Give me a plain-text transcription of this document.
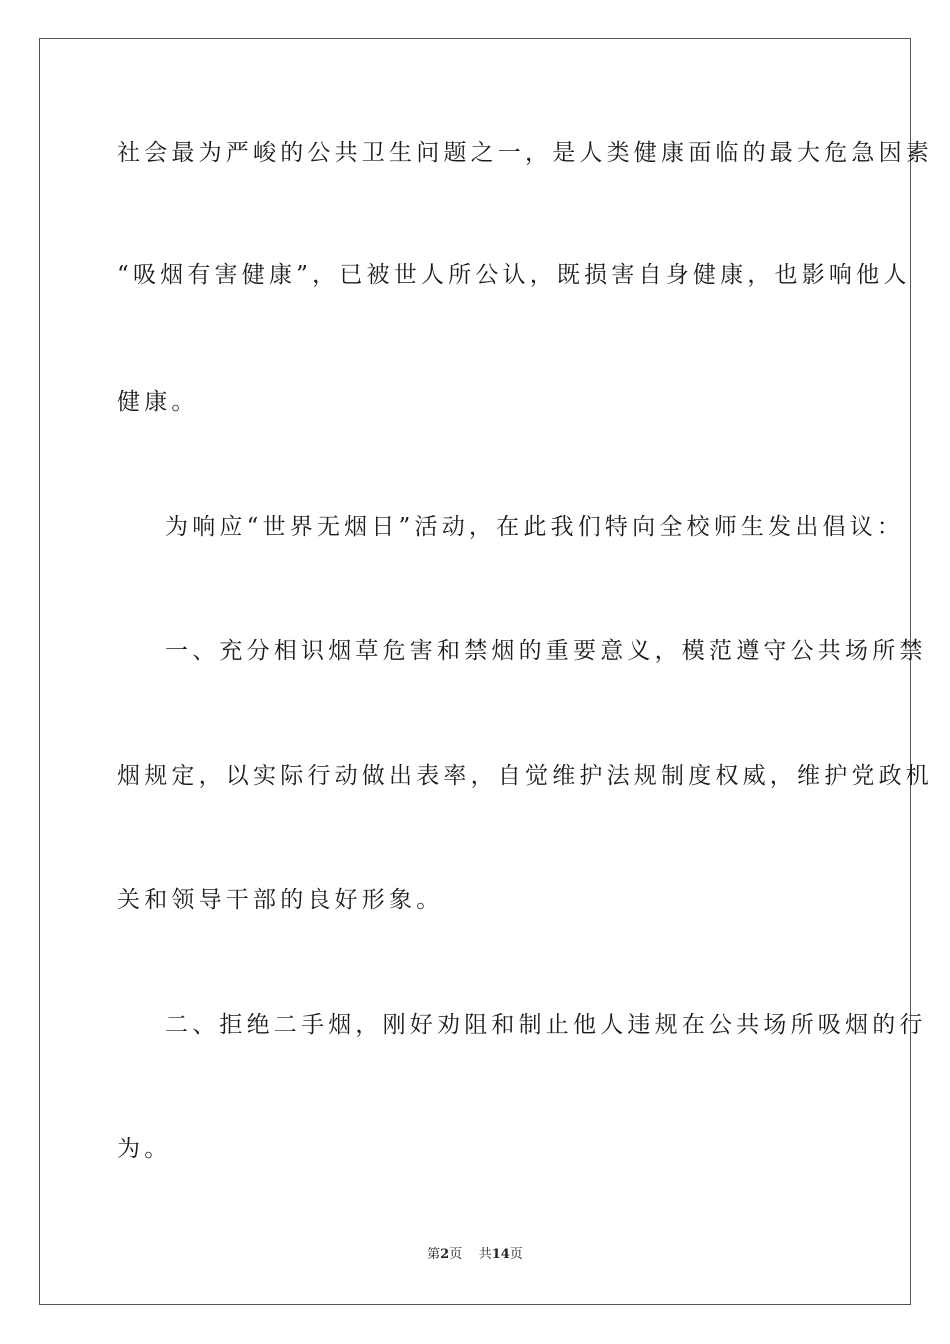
社会最为严峻的公共卫生问题之一，是人类健康面临的最大危急因素
“吸烟有害健康”，已被世人所公认，既损害自身健康，也影响他人
健康。
为响应“世界无烟日”活动，在此我们特向全校师生发出倡议：
一、充分相识烟草危害和禁烟的重要意义，模范遵守公共场所禁
烟规定，以实际行动做出表率，自觉维护法规制度权威，维护党政机
关和领导干部的良好形象。
二、拒绝二手烟，刚好劝阻和制止他人违规在公共场所吸烟的行
为。
第2页 共14页
